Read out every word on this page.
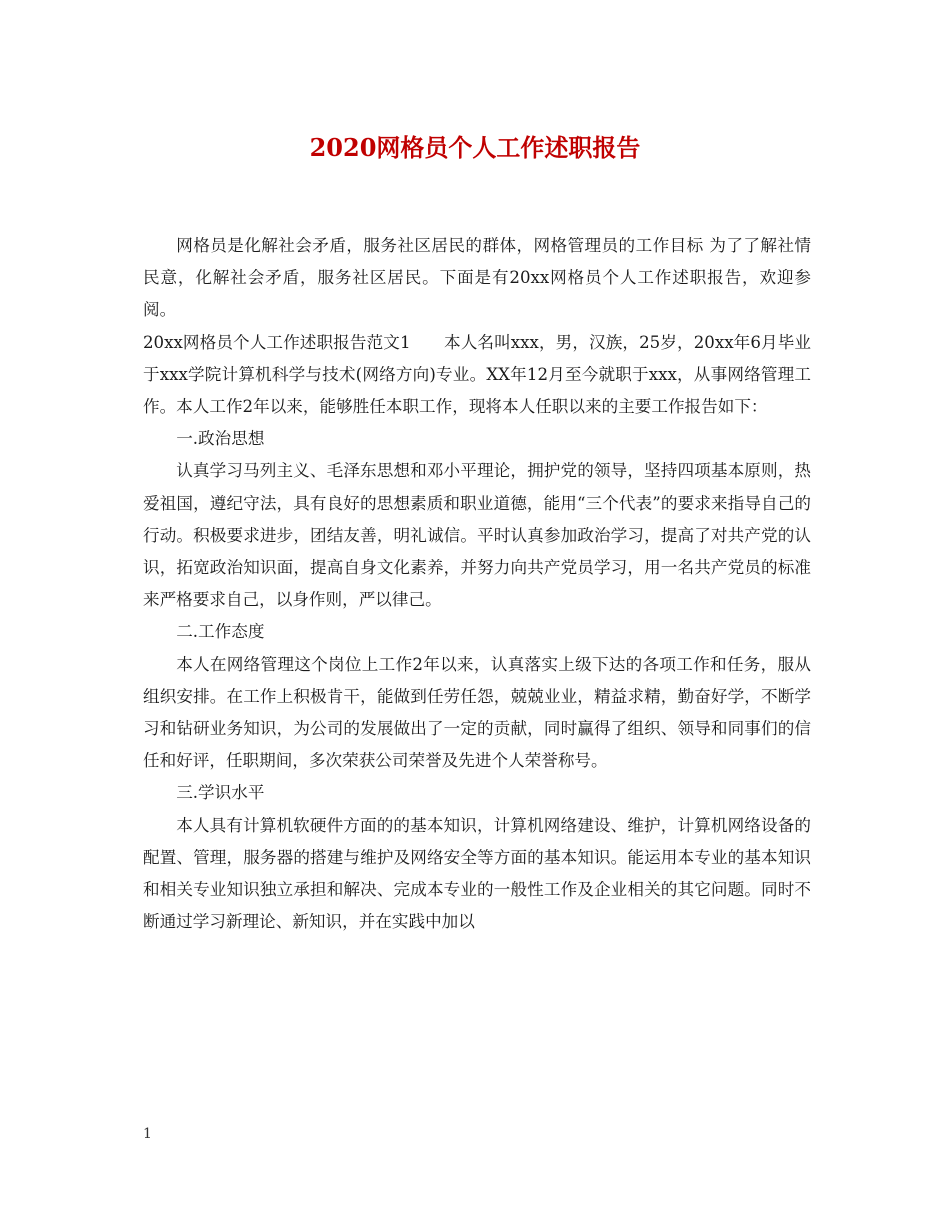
2020网格员个人工作述职报告

网格员是化解社会矛盾，服务社区居民的群体，网格管理员的工作目标 为了了解社情民意，化解社会矛盾，服务社区居民。下面是有20xx网格员个人工作述职报告，欢迎参阅。

20xx网格员个人工作述职报告范文1　　本人名叫xxx，男，汉族，25岁，20xx年6月毕业于xxx学院计算机科学与技术(网络方向)专业。XX年12月至今就职于xxx，从事网络管理工作。本人工作2年以来，能够胜任本职工作，现将本人任职以来的主要工作报告如下：

一.政治思想

认真学习马列主义、毛泽东思想和邓小平理论，拥护党的领导，坚持四项基本原则，热爱祖国，遵纪守法，具有良好的思想素质和职业道德，能用“三个代表”的要求来指导自己的行动。积极要求进步，团结友善，明礼诚信。平时认真参加政治学习，提高了对共产党的认识，拓宽政治知识面，提高自身文化素养，并努力向共产党员学习，用一名共产党员的标准来严格要求自己，以身作则，严以律己。

二.工作态度

本人在网络管理这个岗位上工作2年以来，认真落实上级下达的各项工作和任务，服从组织安排。在工作上积极肯干，能做到任劳任怨，兢兢业业，精益求精，勤奋好学，不断学习和钻研业务知识，为公司的发展做出了一定的贡献，同时赢得了组织、领导和同事们的信任和好评，任职期间，多次荣获公司荣誉及先进个人荣誉称号。

三.学识水平

本人具有计算机软硬件方面的的基本知识，计算机网络建设、维护，计算机网络设备的配置、管理，服务器的搭建与维护及网络安全等方面的基本知识。能运用本专业的基本知识和相关专业知识独立承担和解决、完成本专业的一般性工作及企业相关的其它问题。同时不断通过学习新理论、新知识，并在实践中加以

1
